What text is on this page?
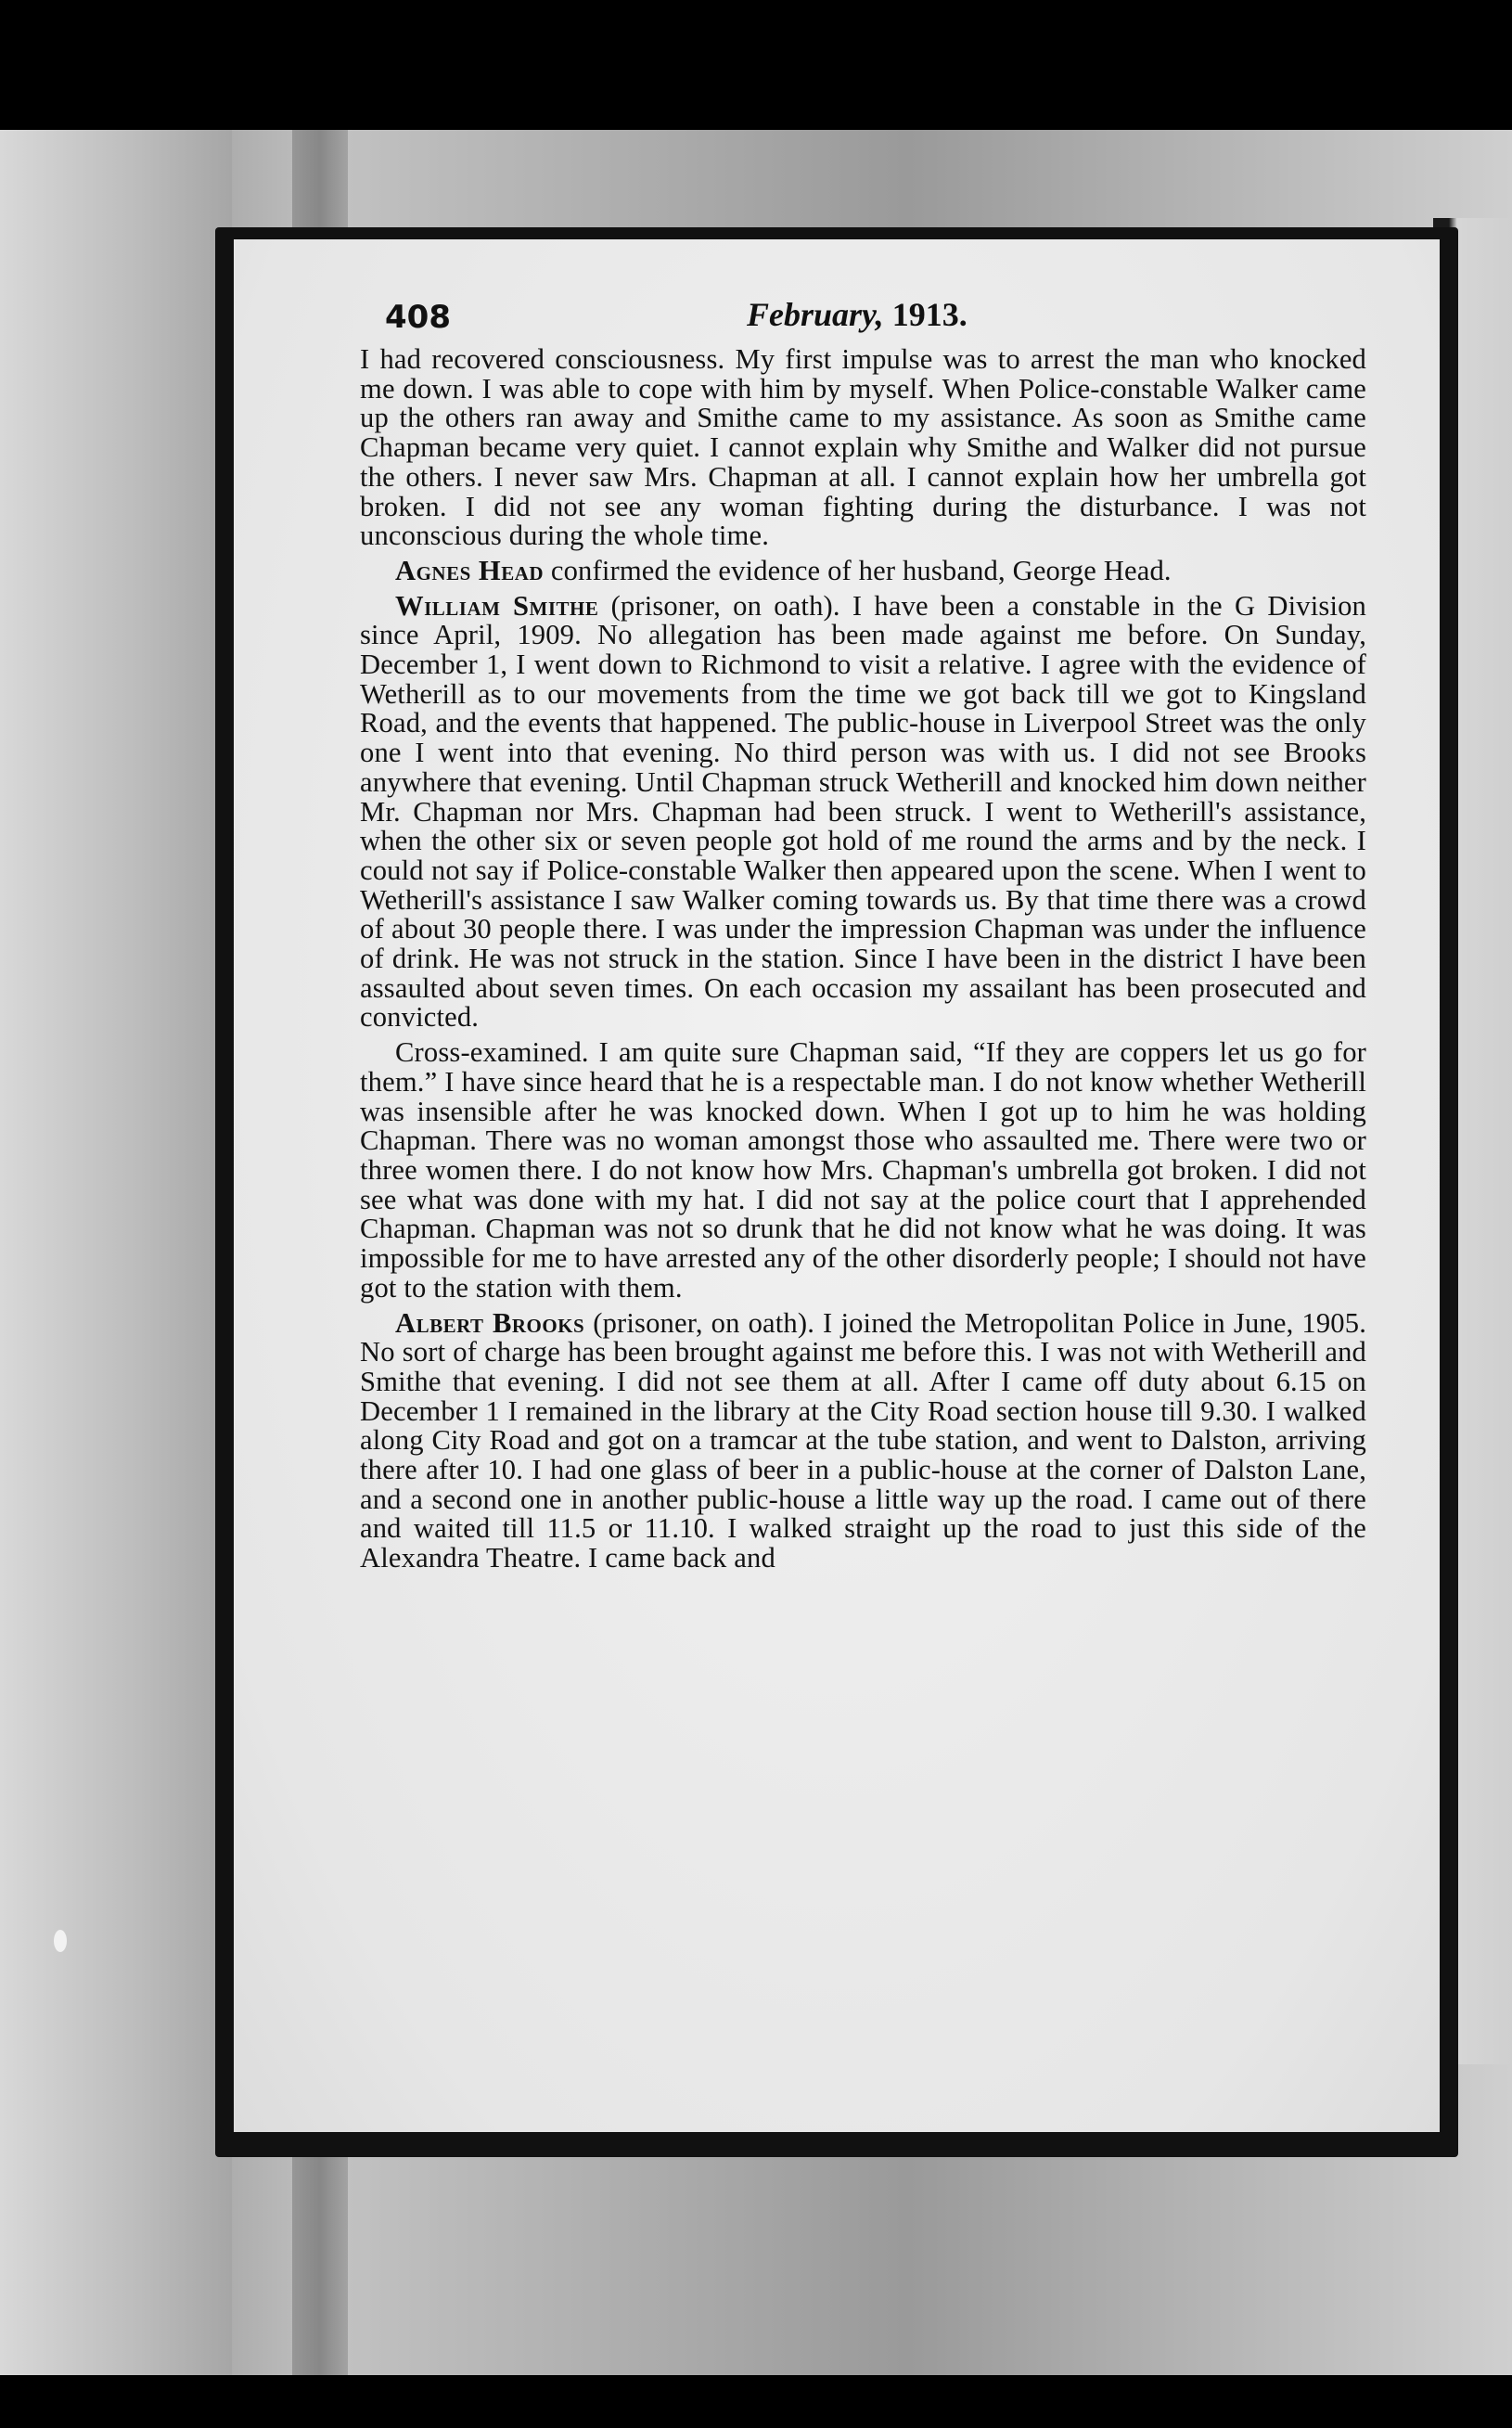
408	February, 1913.

I had recovered consciousness. My first impulse was to arrest the man who knocked me down. I was able to cope with him by myself. When Police-constable Walker came up the others ran away and Smithe came to my assistance. As soon as Smithe came Chapman became very quiet. I cannot explain why Smithe and Walker did not pursue the others. I never saw Mrs. Chapman at all. I cannot explain how her umbrella got broken. I did not see any woman fighting during the disturbance. I was not unconscious during the whole time.

Agnes Head confirmed the evidence of her husband, George Head.

William Smithe (prisoner, on oath). I have been a constable in the G Division since April, 1909. No allegation has been made against me before. On Sunday, December 1, I went down to Richmond to visit a relative. I agree with the evidence of Wetherill as to our movements from the time we got back till we got to Kingsland Road, and the events that happened. The public-house in Liverpool Street was the only one I went into that evening. No third person was with us. I did not see Brooks anywhere that evening. Until Chapman struck Wetherill and knocked him down neither Mr. Chapman nor Mrs. Chapman had been struck. I went to Wetherill's assistance, when the other six or seven people got hold of me round the arms and by the neck. I could not say if Police-constable Walker then appeared upon the scene. When I went to Wetherill's assistance I saw Walker coming towards us. By that time there was a crowd of about 30 people there. I was under the impression Chapman was under the influence of drink. He was not struck in the station. Since I have been in the district I have been assaulted about seven times. On each occasion my assailant has been prosecuted and convicted.

Cross-examined. I am quite sure Chapman said, “If they are coppers let us go for them.” I have since heard that he is a respectable man. I do not know whether Wetherill was insensible after he was knocked down. When I got up to him he was holding Chapman. There was no woman amongst those who assaulted me. There were two or three women there. I do not know how Mrs. Chapman's umbrella got broken. I did not see what was done with my hat. I did not say at the police court that I apprehended Chapman. Chapman was not so drunk that he did not know what he was doing. It was impossible for me to have arrested any of the other disorderly people; I should not have got to the station with them.

Albert Brooks (prisoner, on oath). I joined the Metropolitan Police in June, 1905. No sort of charge has been brought against me before this. I was not with Wetherill and Smithe that evening. I did not see them at all. After I came off duty about 6.15 on December 1 I remained in the library at the City Road section house till 9.30. I walked along City Road and got on a tramcar at the tube station, and went to Dalston, arriving there after 10. I had one glass of beer in a public-house at the corner of Dalston Lane, and a second one in another public-house a little way up the road. I came out of there and waited till 11.5 or 11.10. I walked straight up the road to just this side of the Alexandra Theatre. I came back and
